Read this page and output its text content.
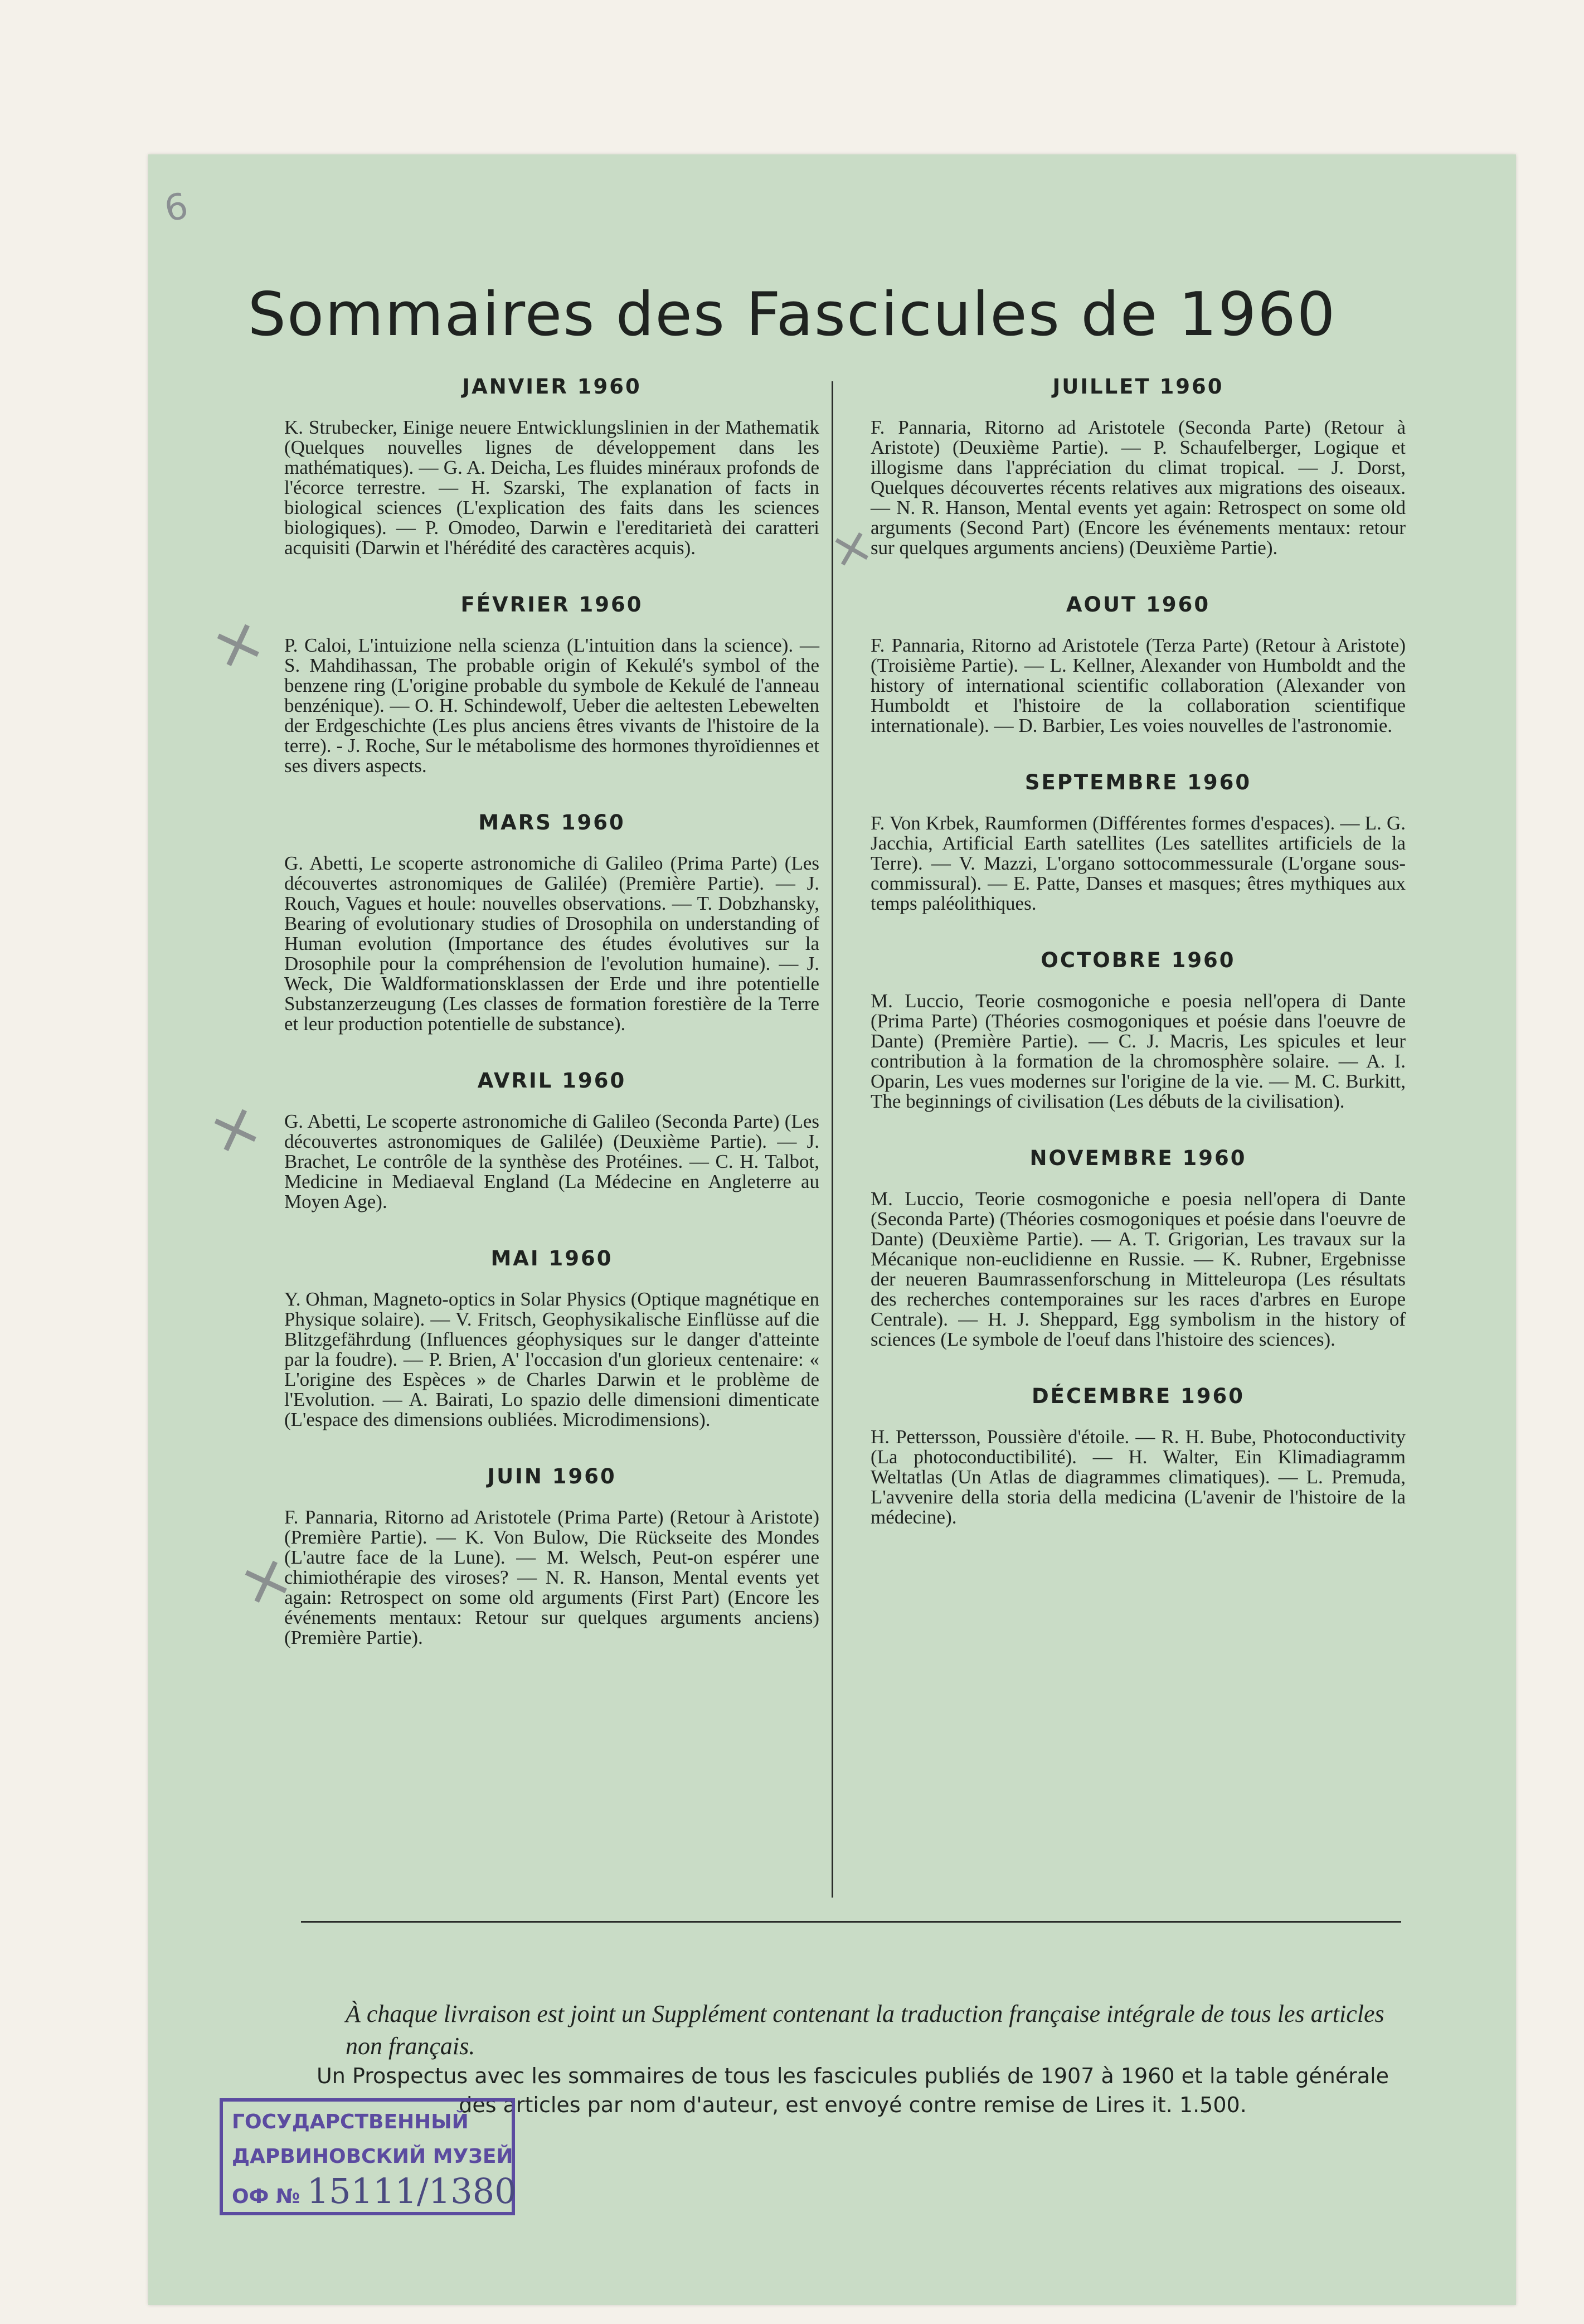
6
Sommaires des Fascicules de 1960
JANVIER 1960

K. Strubecker, Einige neuere Entwicklungslinien in der Mathematik (Quelques nouvelles lignes de développement dans les mathématiques). — G. A. Deicha, Les fluides minéraux profonds de l'écorce terrestre. — H. Szarski, The explanation of facts in biological sciences (L'explication des faits dans les sciences biologiques). — P. Omodeo, Darwin e l'ereditarietà dei caratteri acquisiti (Darwin et l'hérédité des caractères acquis).

FÉVRIER 1960

P. Caloi, L'intuizione nella scienza (L'intuition dans la science). — S. Mahdihassan, The probable origin of Kekulé's symbol of the benzene ring (L'origine probable du symbole de Kekulé de l'anneau benzénique). — O. H. Schindewolf, Ueber die aeltesten Lebewelten der Erdgeschichte (Les plus anciens êtres vivants de l'histoire de la terre). - J. Roche, Sur le métabolisme des hormones thyroïdiennes et ses divers aspects.

MARS 1960

G. Abetti, Le scoperte astronomiche di Galileo (Prima Parte) (Les découvertes astronomiques de Galilée) (Première Partie). — J. Rouch, Vagues et houle: nouvelles observations. — T. Dobzhansky, Bearing of evolutionary studies of Drosophila on understanding of Human evolution (Importance des études évolutives sur la Drosophile pour la compréhension de l'evolution humaine). — J. Weck, Die Waldformationsklassen der Erde und ihre potentielle Substanzerzeugung (Les classes de formation forestière de la Terre et leur production potentielle de substance).

AVRIL 1960

G. Abetti, Le scoperte astronomiche di Galileo (Seconda Parte) (Les découvertes astronomiques de Galilée) (Deuxième Partie). — J. Brachet, Le contrôle de la synthèse des Protéines. — C. H. Talbot, Medicine in Mediaeval England (La Médecine en Angleterre au Moyen Age).

MAI 1960

Y. Ohman, Magneto-optics in Solar Physics (Optique magnétique en Physique solaire). — V. Fritsch, Geophysikalische Einflüsse auf die Blitzgefährdung (Influences géophysiques sur le danger d'atteinte par la foudre). — P. Brien, A' l'occasion d'un glorieux centenaire: « L'origine des Espèces » de Charles Darwin et le problème de l'Evolution. — A. Bairati, Lo spazio delle dimensioni dimenticate (L'espace des dimensions oubliées. Microdimensions).

JUIN 1960

F. Pannaria, Ritorno ad Aristotele (Prima Parte) (Retour à Aristote) (Première Partie). — K. Von Bulow, Die Rückseite des Mondes (L'autre face de la Lune). — M. Welsch, Peut-on espérer une chimiothérapie des viroses? — N. R. Hanson, Mental events yet again: Retrospect on some old arguments (First Part) (Encore les événements mentaux: Retour sur quelques arguments anciens) (Première Partie).

JUILLET 1960

F. Pannaria, Ritorno ad Aristotele (Seconda Parte) (Retour à Aristote) (Deuxième Partie). — P. Schaufelberger, Logique et illogisme dans l'appréciation du climat tropical. — J. Dorst, Quelques découvertes récents relatives aux migrations des oiseaux. — N. R. Hanson, Mental events yet again: Retrospect on some old arguments (Second Part) (Encore les événements mentaux: retour sur quelques arguments anciens) (Deuxième Partie).

AOUT 1960

F. Pannaria, Ritorno ad Aristotele (Terza Parte) (Retour à Aristote) (Troisième Partie). — L. Kellner, Alexander von Humboldt and the history of international scientific collaboration (Alexander von Humboldt et l'histoire de la collaboration scientifique internationale). — D. Barbier, Les voies nouvelles de l'astronomie.

SEPTEMBRE 1960

F. Von Krbek, Raumformen (Différentes formes d'espaces). — L. G. Jacchia, Artificial Earth satellites (Les satellites artificiels de la Terre). — V. Mazzi, L'organo sottocommessurale (L'organe sous-commissural). — E. Patte, Danses et masques; êtres mythiques aux temps paléolithiques.

OCTOBRE 1960

M. Luccio, Teorie cosmogoniche e poesia nell'opera di Dante (Prima Parte) (Théories cosmogoniques et poésie dans l'oeuvre de Dante) (Première Partie). — C. J. Macris, Les spicules et leur contribution à la formation de la chromosphère solaire. — A. I. Oparin, Les vues modernes sur l'origine de la vie. — M. C. Burkitt, The beginnings of civilisation (Les débuts de la civilisation).

NOVEMBRE 1960

M. Luccio, Teorie cosmogoniche e poesia nell'opera di Dante (Seconda Parte) (Théories cosmogoniques et poésie dans l'oeuvre de Dante) (Deuxième Partie). — A. T. Grigorian, Les travaux sur la Mécanique non-euclidienne en Russie. — K. Rubner, Ergebnisse der neueren Baumrassenforschung in Mitteleuropa (Les résultats des recherches contemporaines sur les races d'arbres en Europe Centrale). — H. J. Sheppard, Egg symbolism in the history of sciences (Le symbole de l'oeuf dans l'histoire des sciences).

DÉCEMBRE 1960

H. Pettersson, Poussière d'étoile. — R. H. Bube, Photoconductivity (La photoconductibilité). — H. Walter, Ein Klimadiagramm Weltatlas (Un Atlas de diagrammes climatiques). — L. Premuda, L'avvenire della storia della medicina (L'avenir de l'histoire de la médecine).

×
×
×
×

À chaque livraison est joint un Supplément contenant la traduction française intégrale de tous les articles non français.

Un Prospectus avec les sommaires de tous les fascicules publiés de 1907 à 1960 et la table générale des articles par nom d'auteur, est envoyé contre remise de Lires it. 1.500.

ГОСУДАРСТВЕННЫЙ
ДАРВИНОВСКИЙ МУЗЕЙ
ОФ № 15111/1380
